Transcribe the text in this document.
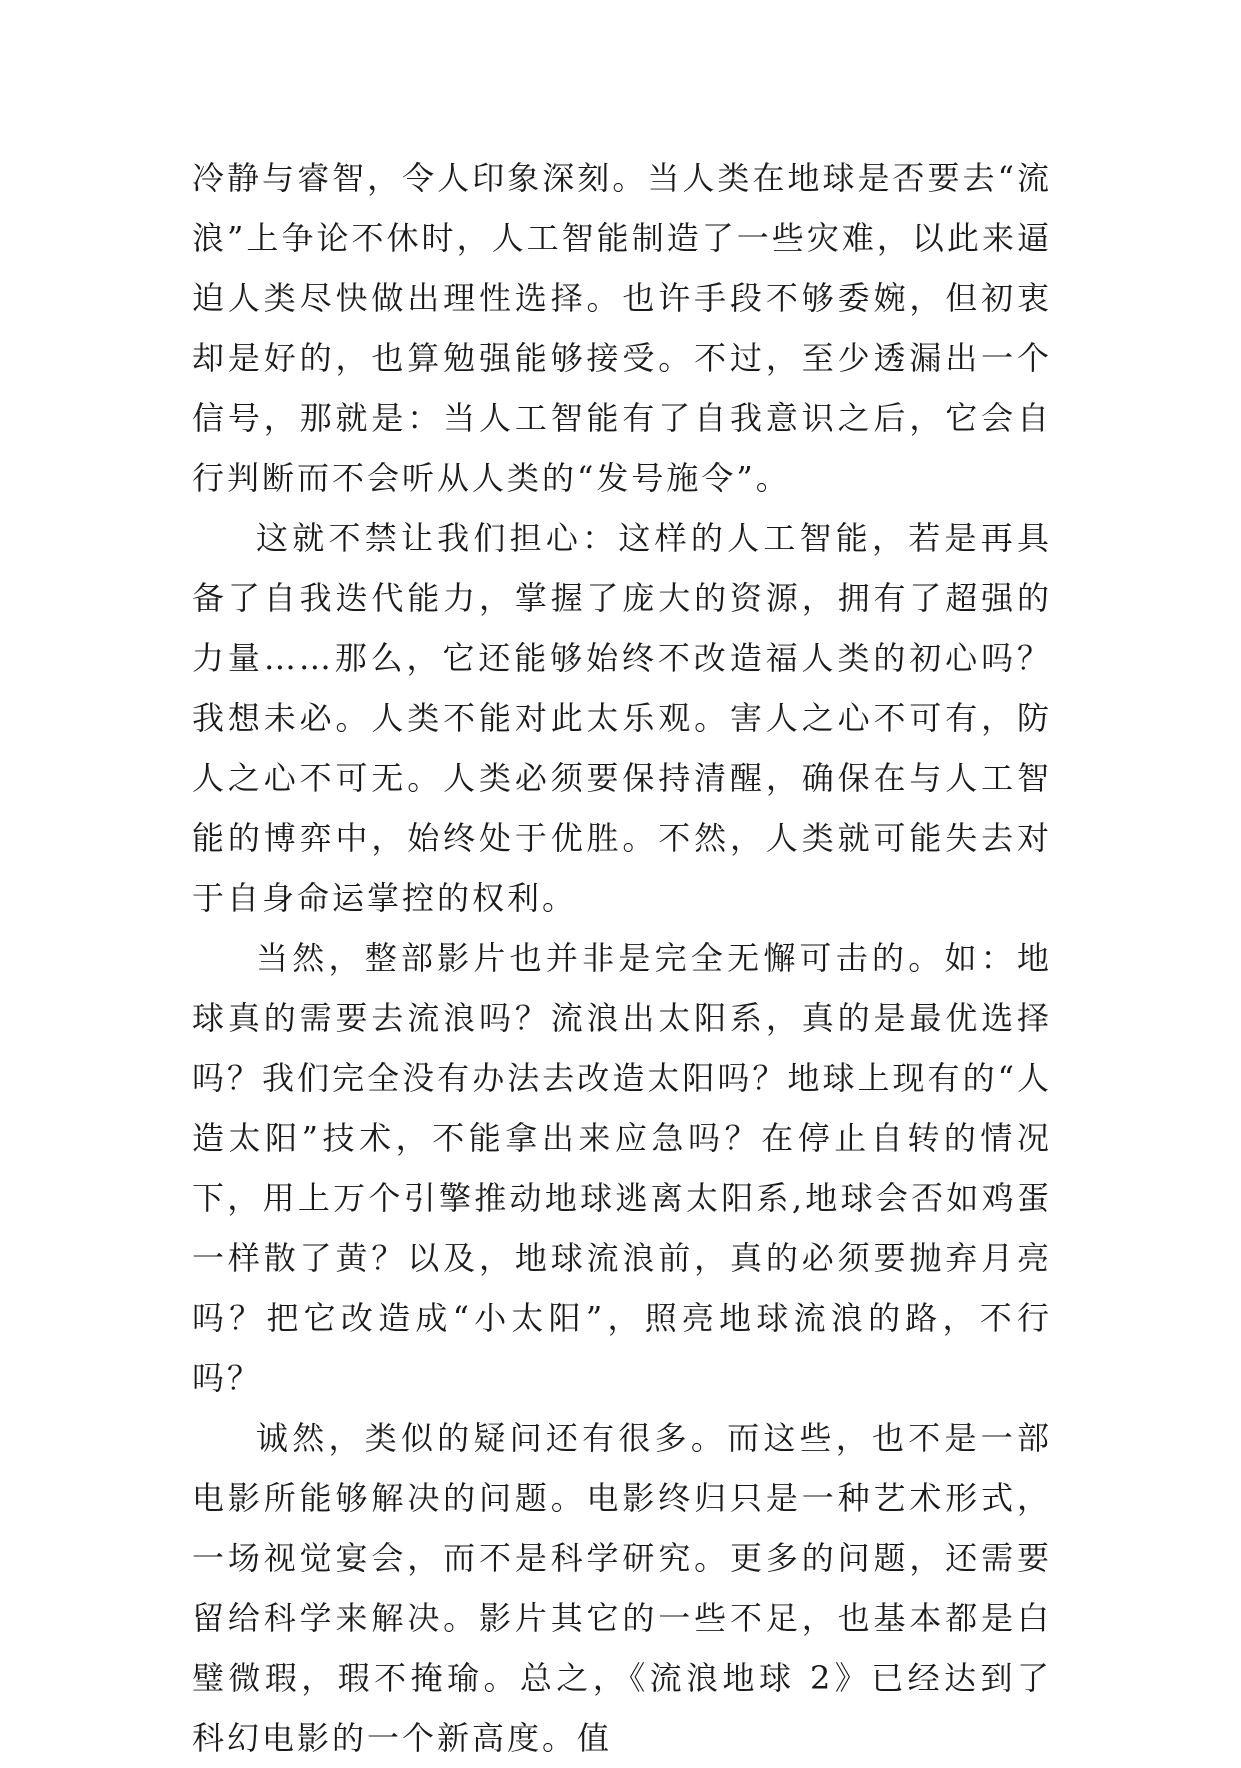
冷静与睿智，令人印象深刻。当人类在地球是否要去“流浪”上争论不休时，人工智能制造了一些灾难，以此来逼迫人类尽快做出理性选择。也许手段不够委婉，但初衷却是好的，也算勉强能够接受。不过，至少透漏出一个信号，那就是：当人工智能有了自我意识之后，它会自行判断而不会听从人类的“发号施令”。

这就不禁让我们担心：这样的人工智能，若是再具备了自我迭代能力，掌握了庞大的资源，拥有了超强的力量……那么，它还能够始终不改造福人类的初心吗？我想未必。人类不能对此太乐观。害人之心不可有，防人之心不可无。人类必须要保持清醒，确保在与人工智能的博弈中，始终处于优胜。不然，人类就可能失去对于自身命运掌控的权利。

当然，整部影片也并非是完全无懈可击的。如：地球真的需要去流浪吗？流浪出太阳系，真的是最优选择吗？我们完全没有办法去改造太阳吗？地球上现有的“人造太阳”技术，不能拿出来应急吗？在停止自转的情况下，用上万个引擎推动地球逃离太阳系,地球会否如鸡蛋一样散了黄？以及，地球流浪前，真的必须要抛弃月亮吗？把它改造成“小太阳”，照亮地球流浪的路，不行吗？

诚然，类似的疑问还有很多。而这些，也不是一部电影所能够解决的问题。电影终归只是一种艺术形式，一场视觉宴会，而不是科学研究。更多的问题，还需要留给科学来解决。影片其它的一些不足，也基本都是白璧微瑕，瑕不掩瑜。总之，《流浪地球 2》已经达到了科幻电影的一个新高度。值
